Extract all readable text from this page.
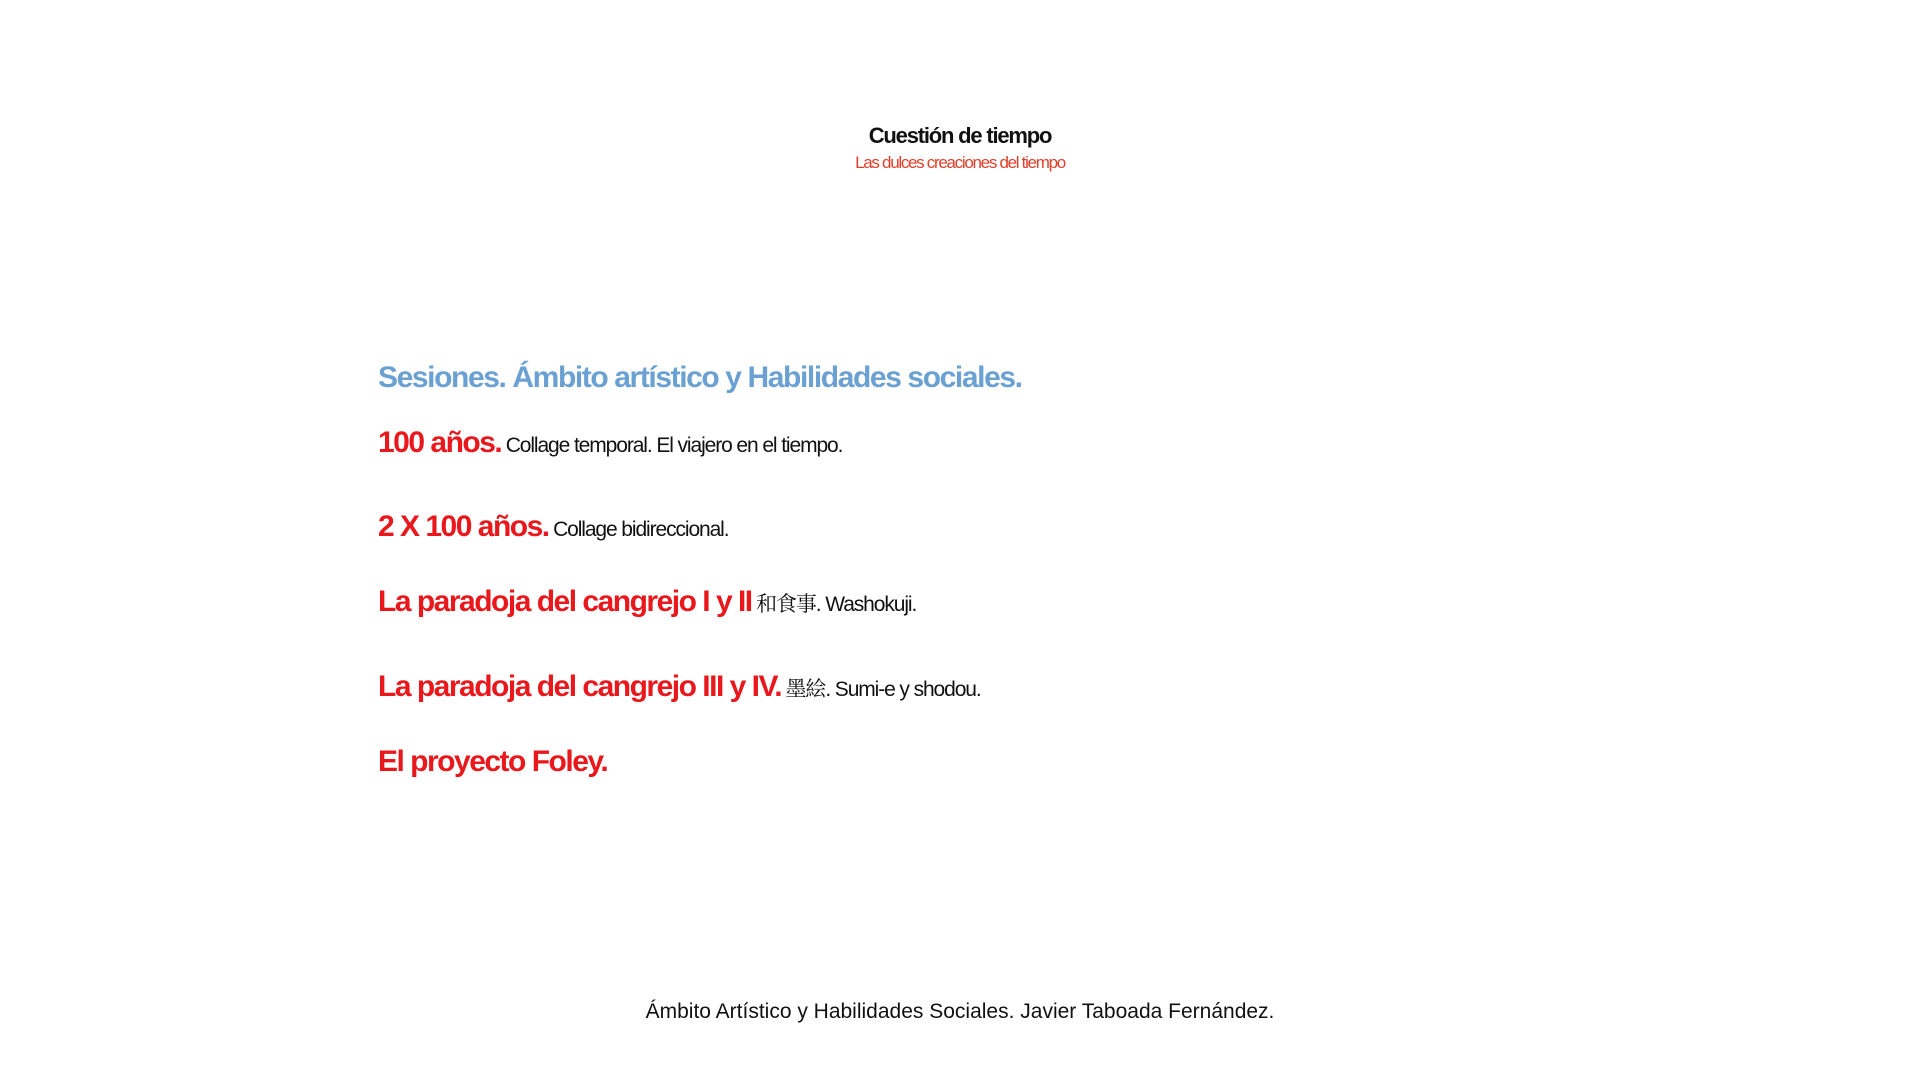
Cuestión de tiempo
Las dulces creaciones del tiempo
Sesiones. Ámbito artístico y Habilidades sociales.
100 años. Collage temporal. El viajero en el tiempo.
2 X 100 años. Collage bidireccional.
La paradoja del cangrejo I y II 和食事. Washokuji.
La paradoja del cangrejo III y IV. 墨絵. Sumi-e y shodou.
El proyecto Foley.
Ámbito Artístico y Habilidades Sociales. Javier Taboada Fernández.
